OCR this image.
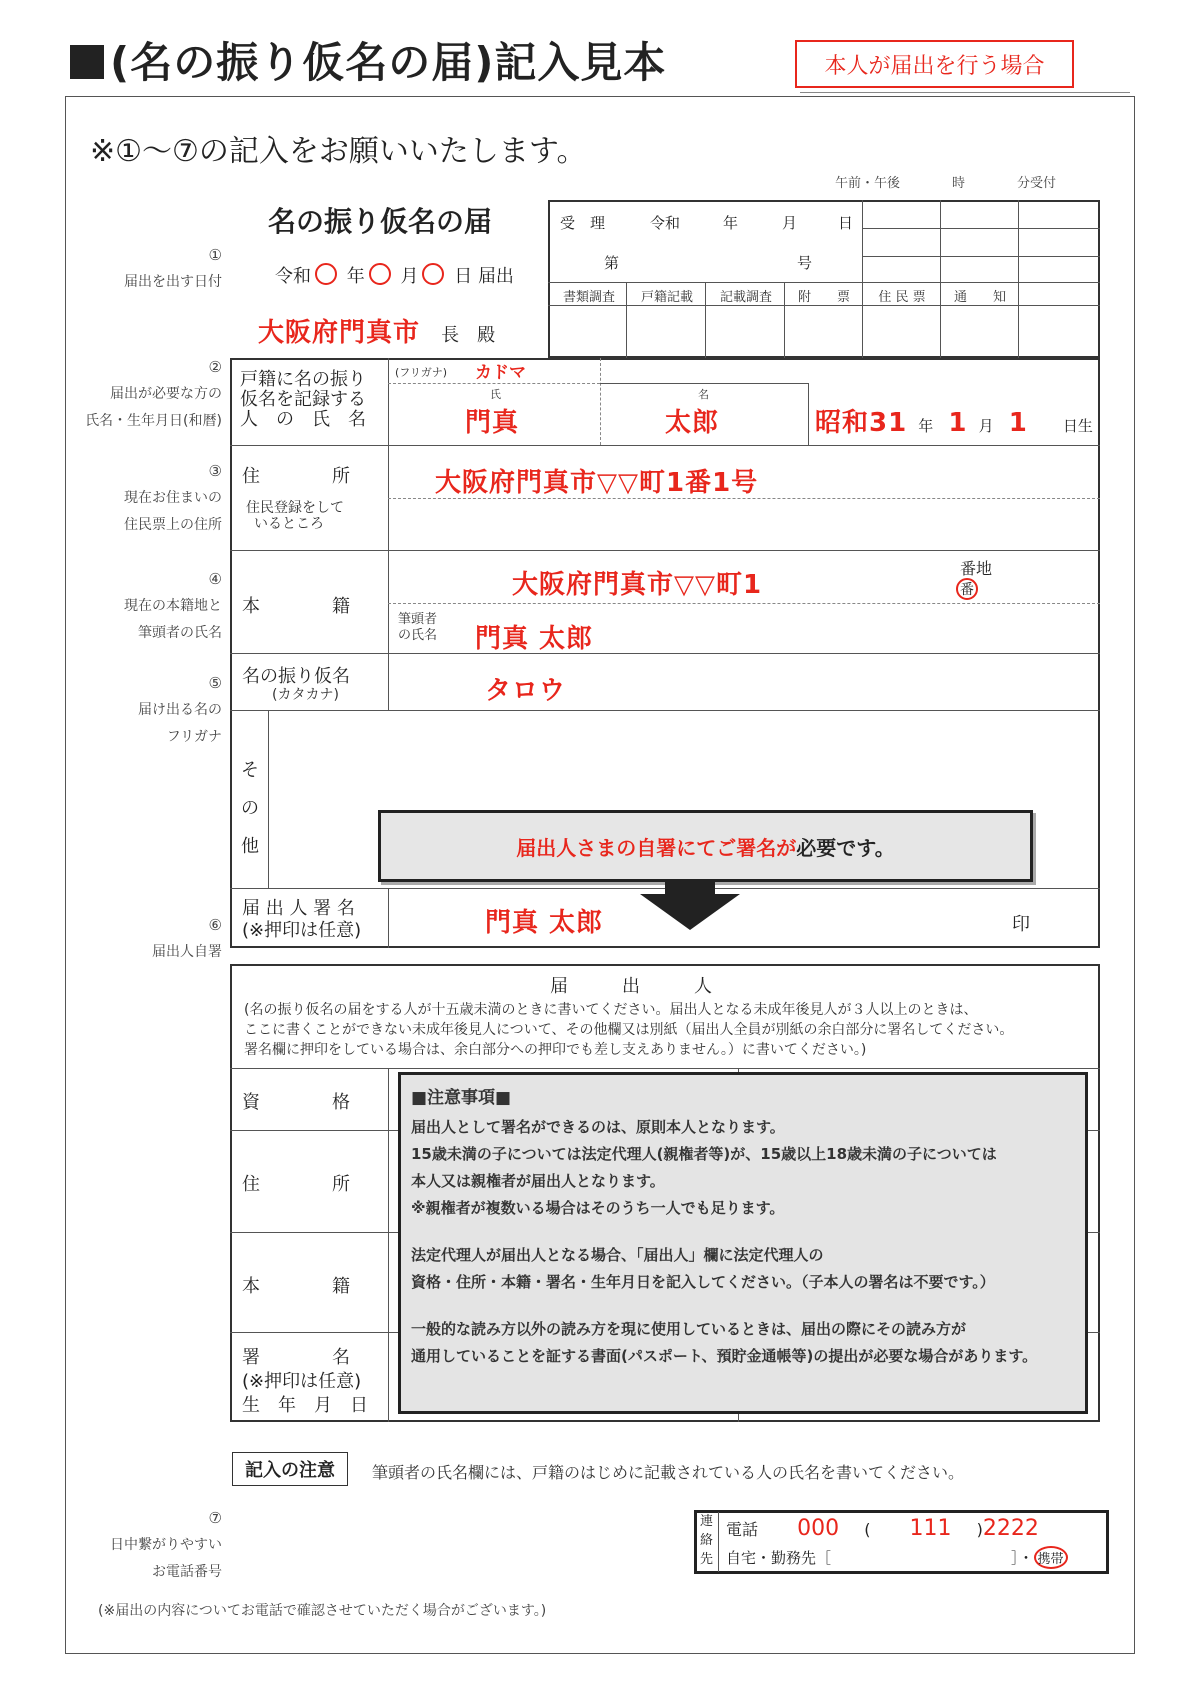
(名の振り仮名の届)記入見本	本人が届出を行う場合
※①〜⑦の記入をお願いいたします。
午前・午後　　　　時　　　　分受付
①
届出を出す日付
②
届出が必要な方の
氏名・生年月日(和暦)
③
現在お住まいの
住民票上の住所
④
現在の本籍地と
筆頭者の氏名
⑤
届け出る名の
フリガナ
⑥
届出人自署
⑦
日中繋がりやすい
お電話番号
名の振り仮名の届
令和 ○ 年 ○ 月 ○ 日 届出
大阪府門真市 長　殿
受　理	令和	年	月	日
第	号
書類調査	戸籍記載	記載調査	附　　票	住 民 票	通　　知
戸籍に名の振り
仮名を記録する
人　の　氏　名
(フリガナ) カドマ
氏	名
門真	太郎	昭和31 年 1 月 1 日生
住　　　　所
住民登録をして
いるところ
大阪府門真市▽▽町1番1号
本　　　　籍
大阪府門真市▽▽町1
番地
番
筆頭者
の氏名 門真 太郎
名の振り仮名
(カタカナ)	タロウ
そ
の
他	届出人さまの自署にてご署名が 必要です。
届 出 人 署 名
(※押印は任意)	門真 太郎	印
届　　　出　　　人
(名の振り仮名の届をする人が十五歳未満のときに書いてください。届出人となる未成年後見人が３人以上のときは、
ここに書くことができない未成年後見人について、その他欄又は別紙（届出人全員が別紙の余白部分に署名してください。
署名欄に押印をしている場合は、余白部分への押印でも差し支えありません。）に書いてください。)
資　　　　格
住　　　　所
本　　　　籍
署　　　　名
(※押印は任意)
生　年　月　日

■注意事項■

届出人として署名ができるのは、原則本人となります。

15歳未満の子については法定代理人(親権者等)が、15歳以上18歳未満の子については

本人又は親権者が届出人となります。

※親権者が複数いる場合はそのうち一人でも足ります。

法定代理人が届出人となる場合、「届出人」欄に法定代理人の

資格・住所・本籍・署名・生年月日を記入してください。（子本人の署名は不要です。）

一般的な読み方以外の読み方を現に使用しているときは、届出の際にその読み方が

通用していることを証する書面(パスポート、預貯金通帳等)の提出が必要な場合があります。

記入の注意	筆頭者の氏名欄には、戸籍のはじめに記載されている人の氏名を書いてください。
連
絡
先
電話 000 ( 111 )2222
自宅・勤務先［　　　　　　　　　　　　］・ 携帯
(※届出の内容についてお電話で確認させていただく場合がございます。)
